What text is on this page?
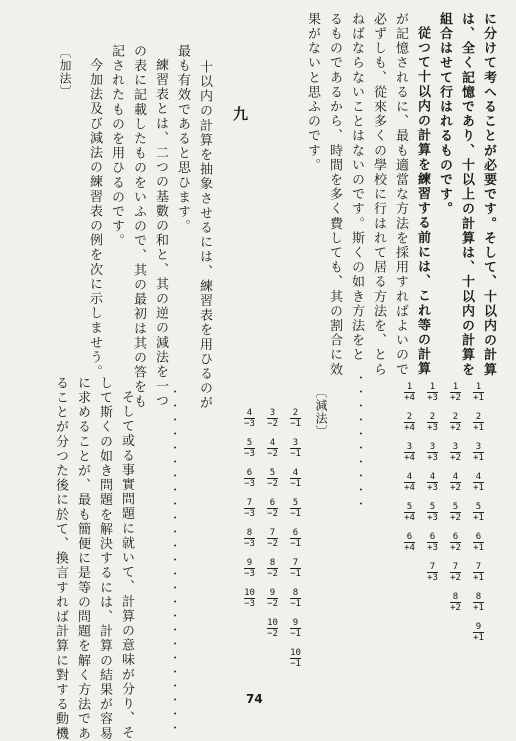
に分けて考へることが必要です。そして、十以内の計算
は、全く記憶であり、十以上の計算は、十以内の計算を
組合はせて行はれるものです。
従つて十以内の計算を練習する前には、これ等の計算
が記憶されるに、最も適當な方法を採用すればよいので
必ずしも、從來多くの學校に行はれて居る方法を、とら
ねばならないことはないのです。斯くの如き方法をと
るものであるから、時間を多く費しても、其の割合に效
果がないと思ふのです。
九
十以内の計算を抽象させるには、練習表を用ひるのが
最も有效であると思ひます。
練習表とは、二つの基數の和と、其の逆の減法を一つ
の表に記載したものをいふので、其の最初は其の答をも
記されたものを用ひるのです。
今加法及び減法の練習表の例を次に示しませう。
〔加法〕
1
+1
2
+1
3
+1
4
+1
5
+1
6
+1
7
+1
8
+1
9
+1
1
+2
2
+2
3
+2
4
+2
5
+2
6
+2
7
+2
8
+2
1
+3
2
+3
3
+3
4
+3
5
+3
6
+3
7
+3
1
+4
2
+4
3
+4
4
+4
5
+4
6
+4
・・・・・・・・・・
〔減法〕
2
−1
3
−1
4
−1
5
−1
6
−1
7
−1
8
−1
9
−1
10
−1
3
−2
4
−2
5
−2
6
−2
7
−2
8
−2
9
−2
10
−2
4
−3
5
−3
6
−3
7
−3
8
−3
9
−3
10
−3
・・・・・・・・・・・・・・・・・・・・・・・・・
そして或る事實問題に就いて、計算の意味が分り、そ
して斯くの如き問題を解決するには、計算の結果が容易
に求めることが、最も簡便に是等の問題を解く方法であ
ることが分つた後に於て、換言すれば計算に對する動機	74
